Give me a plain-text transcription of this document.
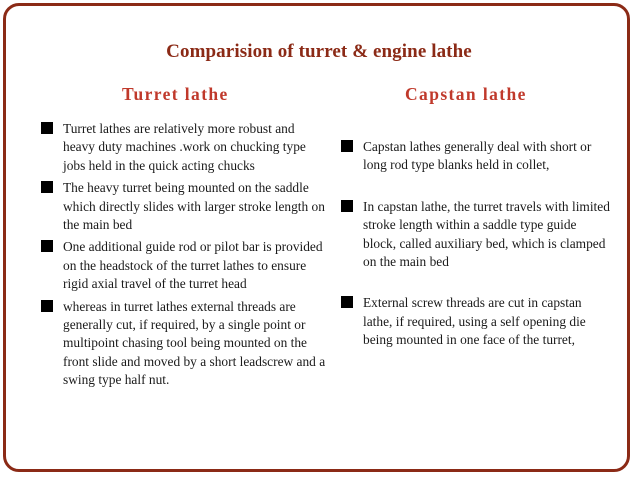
Comparision of turret & engine lathe
Turret lathe	Capstan lathe
Turret lathes are relatively more robust and heavy duty machines .work on chucking type jobs held in the quick acting chucks
The heavy turret being mounted on the saddle which directly slides with larger stroke length on the main bed
One additional guide rod or pilot bar is provided on the headstock of the turret lathes to ensure rigid axial travel of the turret head
whereas in turret lathes external threads are generally cut, if required, by a single point or multipoint chasing tool being mounted on the front slide and moved by a short leadscrew and a swing type half nut.
Capstan lathes generally deal with short or long rod type blanks held in collet,
In capstan lathe, the turret travels with limited stroke length within a saddle type guide block, called auxiliary bed, which is clamped on the main bed
External screw threads are cut in capstan lathe, if required, using a self opening die being mounted in one face of the turret,
